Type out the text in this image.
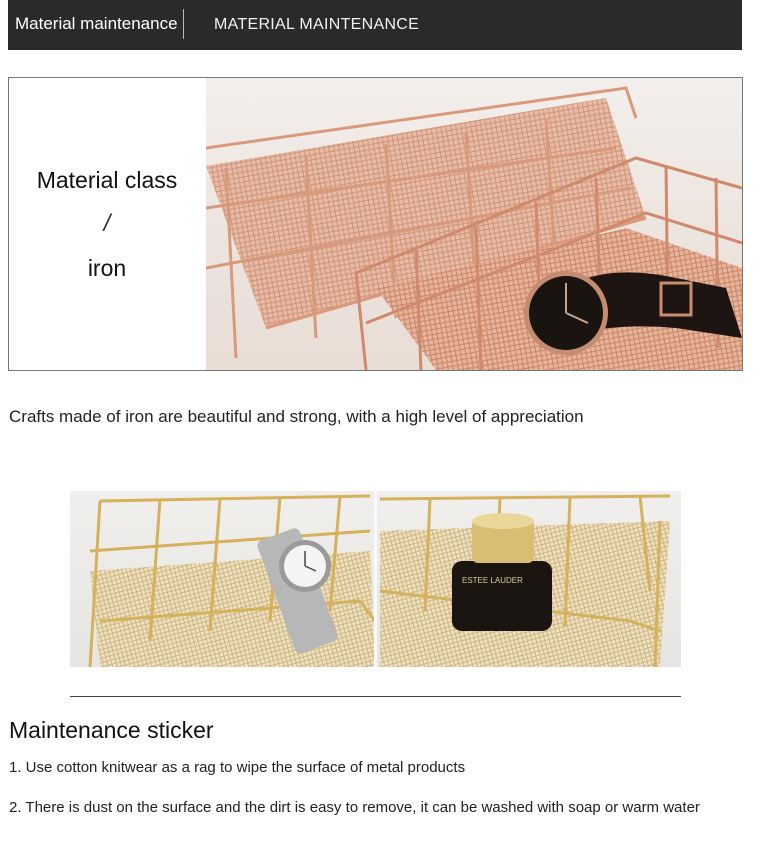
Material maintenance	MATERIAL MAINTENANCE
Material class
/
iron
Crafts made of iron are beautiful and strong, with a high level of appreciation
ESTEE LAUDER
Maintenance sticker
1. Use cotton knitwear as a rag to wipe the surface of metal products
2. There is dust on the surface and the dirt is easy to remove, it can be washed with soap or warm water
